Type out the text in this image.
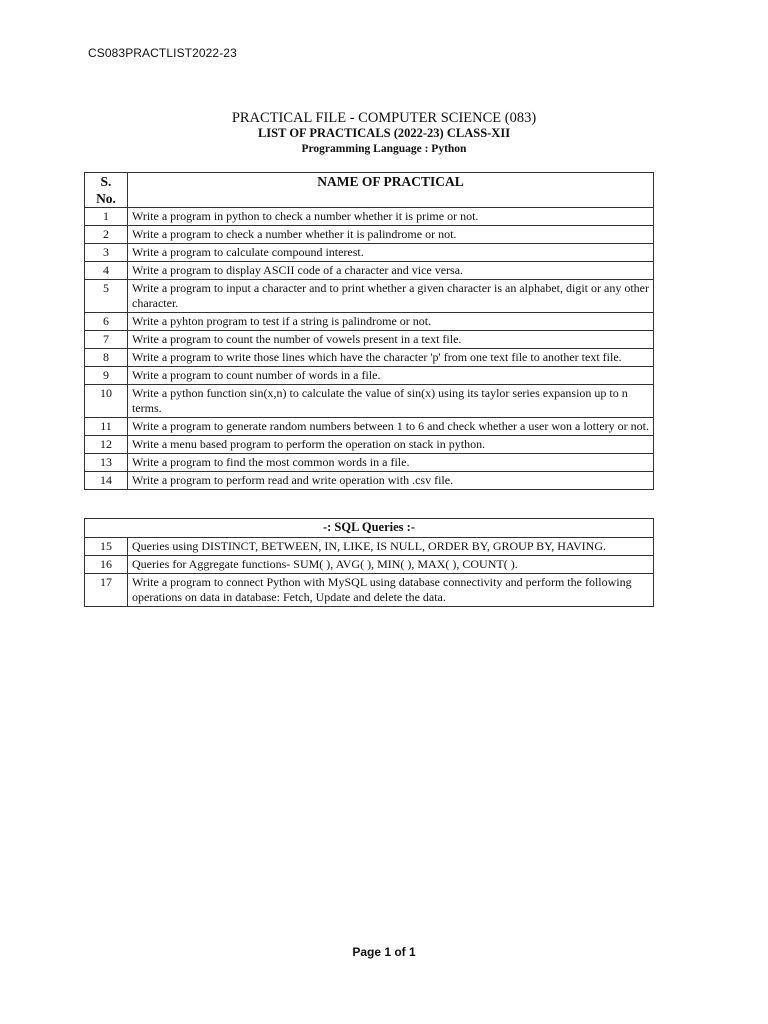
CS083PRACTLIST2022-23
PRACTICAL FILE - COMPUTER SCIENCE (083)
LIST OF PRACTICALS (2022-23) CLASS-XII
Programming Language : Python
S. No.	NAME OF PRACTICAL
1	Write a program in python to check a number whether it is prime or not.
2	Write a program to check a number whether it is palindrome or not.
3	Write a program to calculate compound interest.
4	Write a program to display ASCII code of a character and vice versa.
5	Write a program to input a character and to print whether a given character is an alphabet, digit or any other character.
6	Write a pyhton program to test if a string is palindrome or not.
7	Write a program to count the number of vowels present in a text file.
8	Write a program to write those lines which have the character 'p' from one text file to another text file.
9	Write a program to count number of words in a file.
10	Write a python function sin(x,n) to calculate the value of sin(x) using its taylor series expansion up to n terms.
11	Write a program to generate random numbers between 1 to 6 and check whether a user won a lottery or not.
12	Write a menu based program to perform the operation on stack in python.
13	Write a program to find the most common words in a file.
14	Write a program to perform read and write operation with .csv file.
-: SQL Queries :-	
15	Queries using DISTINCT, BETWEEN, IN, LIKE, IS NULL, ORDER BY, GROUP BY, HAVING.
16	Queries for Aggregate functions- SUM( ), AVG( ), MIN( ), MAX( ), COUNT( ).
17	Write a program to connect Python with MySQL using database connectivity and perform the following operations on data in database: Fetch, Update and delete the data.
Page 1 of 1
